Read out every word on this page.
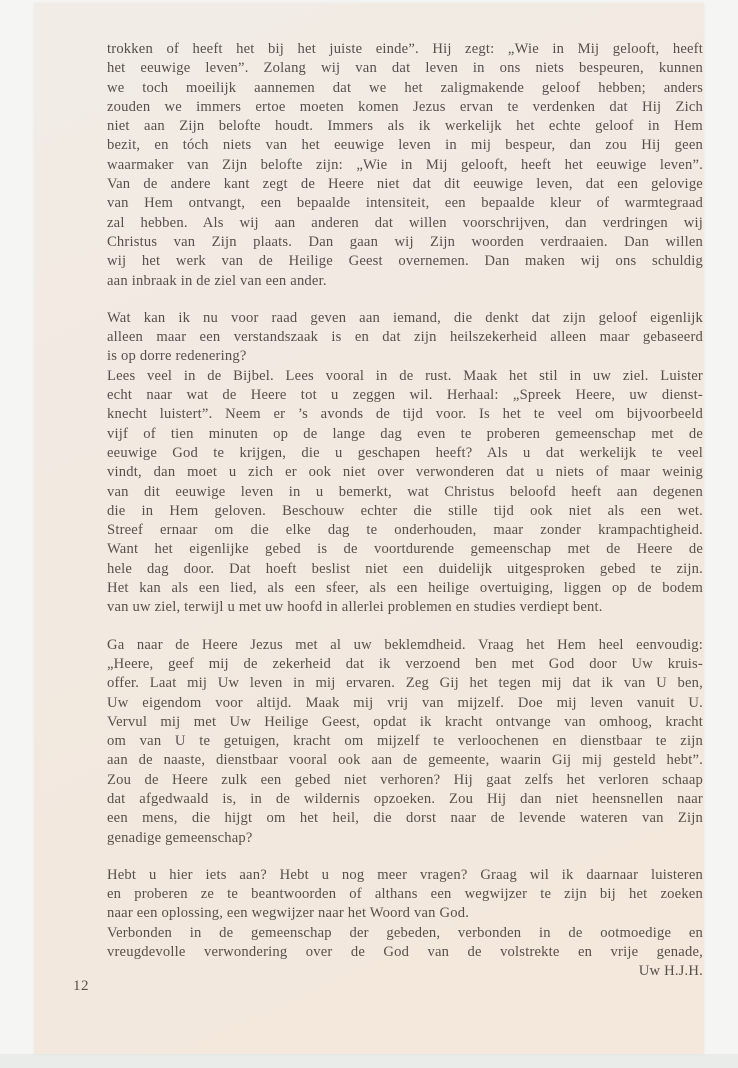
trokken of heeft het bij het juiste einde”. Hij zegt: „Wie in Mij gelooft, heeft
het eeuwige leven”. Zolang wij van dat leven in ons niets bespeuren, kunnen
we toch moeilijk aannemen dat we het zaligmakende geloof hebben; anders
zouden we immers ertoe moeten komen Jezus ervan te verdenken dat Hij Zich
niet aan Zijn belofte houdt. Immers als ik werkelijk het echte geloof in Hem
bezit, en tóch niets van het eeuwige leven in mij bespeur, dan zou Hij geen
waarmaker van Zijn belofte zijn: „Wie in Mij gelooft, heeft het eeuwige leven”.
Van de andere kant zegt de Heere niet dat dit eeuwige leven, dat een gelovige
van Hem ontvangt, een bepaalde intensiteit, een bepaalde kleur of warmtegraad
zal hebben. Als wij aan anderen dat willen voorschrijven, dan verdringen wij
Christus van Zijn plaats. Dan gaan wij Zijn woorden verdraaien. Dan willen
wij het werk van de Heilige Geest overnemen. Dan maken wij ons schuldig
aan inbraak in de ziel van een ander.
Wat kan ik nu voor raad geven aan iemand, die denkt dat zijn geloof eigenlijk
alleen maar een verstandszaak is en dat zijn heilszekerheid alleen maar gebaseerd
is op dorre redenering?
Lees veel in de Bijbel. Lees vooral in de rust. Maak het stil in uw ziel. Luister
echt naar wat de Heere tot u zeggen wil. Herhaal: „Spreek Heere, uw dienst-
knecht luistert”. Neem er ’s avonds de tijd voor. Is het te veel om bijvoorbeeld
vijf of tien minuten op de lange dag even te proberen gemeenschap met de
eeuwige God te krijgen, die u geschapen heeft? Als u dat werkelijk te veel
vindt, dan moet u zich er ook niet over verwonderen dat u niets of maar weinig
van dit eeuwige leven in u bemerkt, wat Christus beloofd heeft aan degenen
die in Hem geloven. Beschouw echter die stille tijd ook niet als een wet.
Streef ernaar om die elke dag te onderhouden, maar zonder krampachtigheid.
Want het eigenlijke gebed is de voortdurende gemeenschap met de Heere de
hele dag door. Dat hoeft beslist niet een duidelijk uitgesproken gebed te zijn.
Het kan als een lied, als een sfeer, als een heilige overtuiging, liggen op de bodem
van uw ziel, terwijl u met uw hoofd in allerlei problemen en studies verdiept bent.
Ga naar de Heere Jezus met al uw beklemdheid. Vraag het Hem heel eenvoudig:
„Heere, geef mij de zekerheid dat ik verzoend ben met God door Uw kruis-
offer. Laat mij Uw leven in mij ervaren. Zeg Gij het tegen mij dat ik van U ben,
Uw eigendom voor altijd. Maak mij vrij van mijzelf. Doe mij leven vanuit U.
Vervul mij met Uw Heilige Geest, opdat ik kracht ontvange van omhoog, kracht
om van U te getuigen, kracht om mijzelf te verloochenen en dienstbaar te zijn
aan de naaste, dienstbaar vooral ook aan de gemeente, waarin Gij mij gesteld hebt”.
Zou de Heere zulk een gebed niet verhoren? Hij gaat zelfs het verloren schaap
dat afgedwaald is, in de wildernis opzoeken. Zou Hij dan niet heensnellen naar
een mens, die hijgt om het heil, die dorst naar de levende wateren van Zijn
genadige gemeenschap?
Hebt u hier iets aan? Hebt u nog meer vragen? Graag wil ik daarnaar luisteren
en proberen ze te beantwoorden of althans een wegwijzer te zijn bij het zoeken
naar een oplossing, een wegwijzer naar het Woord van God.
Verbonden in de gemeenschap der gebeden, verbonden in de ootmoedige en
vreugdevolle verwondering over de God van de volstrekte en vrije genade,
Uw H.J.H.
12
